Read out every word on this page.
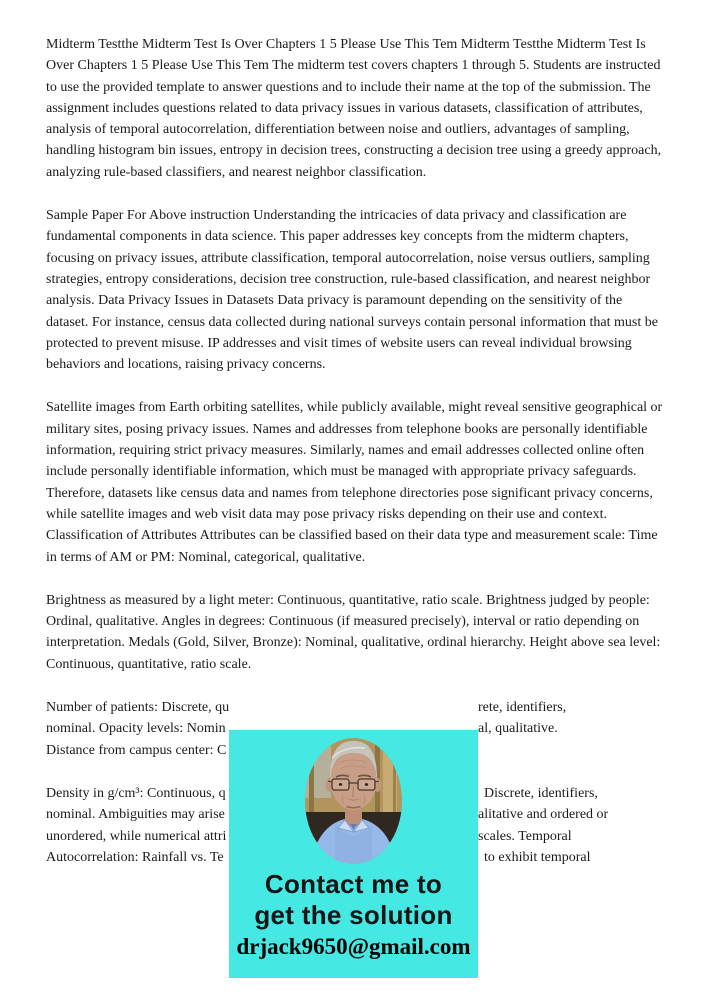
Midterm Testthe Midterm Test Is Over Chapters 1 5 Please Use This Tem Midterm Testthe Midterm Test Is Over Chapters 1 5 Please Use This Tem The midterm test covers chapters 1 through 5. Students are instructed to use the provided template to answer questions and to include their name at the top of the submission. The assignment includes questions related to data privacy issues in various datasets, classification of attributes, analysis of temporal autocorrelation, differentiation between noise and outliers, advantages of sampling, handling histogram bin issues, entropy in decision trees, constructing a decision tree using a greedy approach, analyzing rule-based classifiers, and nearest neighbor classification.

Sample Paper For Above instruction Understanding the intricacies of data privacy and classification are fundamental components in data science. This paper addresses key concepts from the midterm chapters, focusing on privacy issues, attribute classification, temporal autocorrelation, noise versus outliers, sampling strategies, entropy considerations, decision tree construction, rule-based classification, and nearest neighbor analysis. Data Privacy Issues in Datasets Data privacy is paramount depending on the sensitivity of the dataset. For instance, census data collected during national surveys contain personal information that must be protected to prevent misuse. IP addresses and visit times of website users can reveal individual browsing behaviors and locations, raising privacy concerns.

Satellite images from Earth orbiting satellites, while publicly available, might reveal sensitive geographical or military sites, posing privacy issues. Names and addresses from telephone books are personally identifiable information, requiring strict privacy measures. Similarly, names and email addresses collected online often include personally identifiable information, which must be managed with appropriate privacy safeguards. Therefore, datasets like census data and names from telephone directories pose significant privacy concerns, while satellite images and web visit data may pose privacy risks depending on their use and context. Classification of Attributes Attributes can be classified based on their data type and measurement scale: Time in terms of AM or PM: Nominal, categorical, qualitative.

Brightness as measured by a light meter: Continuous, quantitative, ratio scale. Brightness judged by people: Ordinal, qualitative. Angles in degrees: Continuous (if measured precisely), interval or ratio depending on interpretation. Medals (Gold, Silver, Bronze): Nominal, qualitative, ordinal hierarchy. Height above sea level: Continuous, quantitative, ratio scale.

Number of patients: Discrete, qu	rete, identifiers,
nominal. Opacity levels: Nomin	al, qualitative.
Distance from campus center: C
Density in g/cm³: Continuous, q	Discrete, identifiers,
nominal. Ambiguities may arise	alitative and ordered or
unordered, while numerical attri	scales. Temporal
Autocorrelation: Rainfall vs. Te	to exhibit temporal
Contact me to
get the solution
drjack9650@gmail.com
